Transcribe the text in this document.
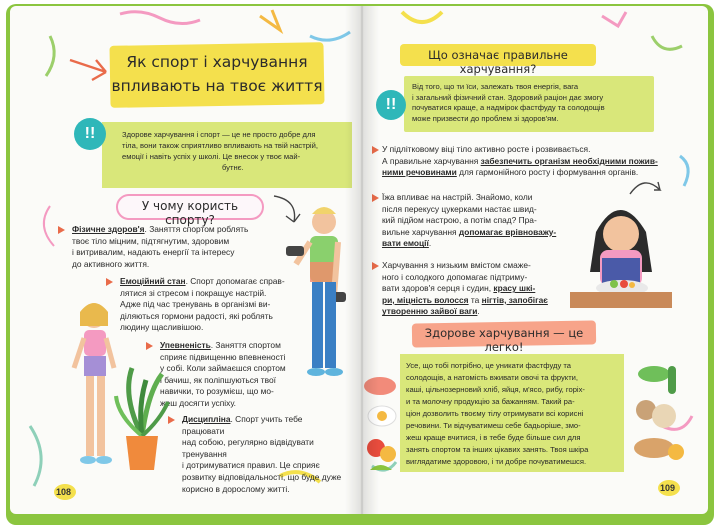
Як спорт і харчування
впливають на твоє життя
!!	Здорове харчування і спорт — це не просто добре для
тіла, вони також сприятливо впливають на твій настрій,
емоції і навіть успіх у школі. Це внесок у твоє май-
бутнє.
У чому користь спорту?
Фізичне здоров'я. Заняття спортом роблять
твоє тіло міцним, підтягнутим, здоровим
і витривалим, надають енергії та інтересу
до активного життя.
Емоційний стан. Спорт допомагає справ-
лятися зі стресом і покращує настрій.
Адже під час тренувань в організмі ви-
діляються гормони радості, які роблять
людину щасливішою.
Упевненість. Заняття спортом
сприяє підвищенню впевненості
у собі. Коли займаєшся спортом
і бачиш, як поліпшуються твої
навички, то розумієш, що мо-
жеш досягти успіху.
Дисципліна. Спорт учить тебе працювати
над собою, регулярно відвідувати тренування
і дотримуватися правил. Це сприяє
розвитку відповідальності, що буде дуже
корисно в дорослому житті.
108
Що означає правильне харчування?
!!
Від того, що ти їси, залежать твоя енергія, вага
і загальний фізичний стан. Здоровий раціон дає змогу
почуватися краще, а надмірок фастфуду та солодощів
може призвести до проблем зі здоров'ям.
У підлітковому віці тіло активно росте і розвивається.
А правильне харчування забезпечить організм необхідними пожив-
ними речовинами для гармонійного росту і формування органів.
Їжа впливає на настрій. Знайомо, коли
після перекусу цукерками настає швид-
кий підйом настрою, а потім спад? Пра-
вильне харчування допомагає врівноважу-
вати емоції.
Харчування з низьким вмістом смаже-
ного і солодкого допомагає підтриму-
вати здоров'я серця і судин, красу шкі-
ри, міцність волосся та нігтів, запобігає
утворенню зайвої ваги.
Здорове харчування — це легко!
Усе, що тобі потрібно, це уникати фастфуду та
солодощів, а натомість вживати овочі та фрукти,
каші, цільнозерновий хліб, яйця, м'ясо, рибу, горіх-
и та молочну продукцію за бажанням. Такий ра-
ціон дозволить твоєму тілу отримувати всі корисні
речовини. Ти відчуватимеш себе бадьоріше, змо-
жеш краще вчитися, і в тебе буде більше сил для
занять спортом та інших цікавих занять. Твоя шкіра
виглядатиме здоровою, і ти добре почуватимешся.
109
